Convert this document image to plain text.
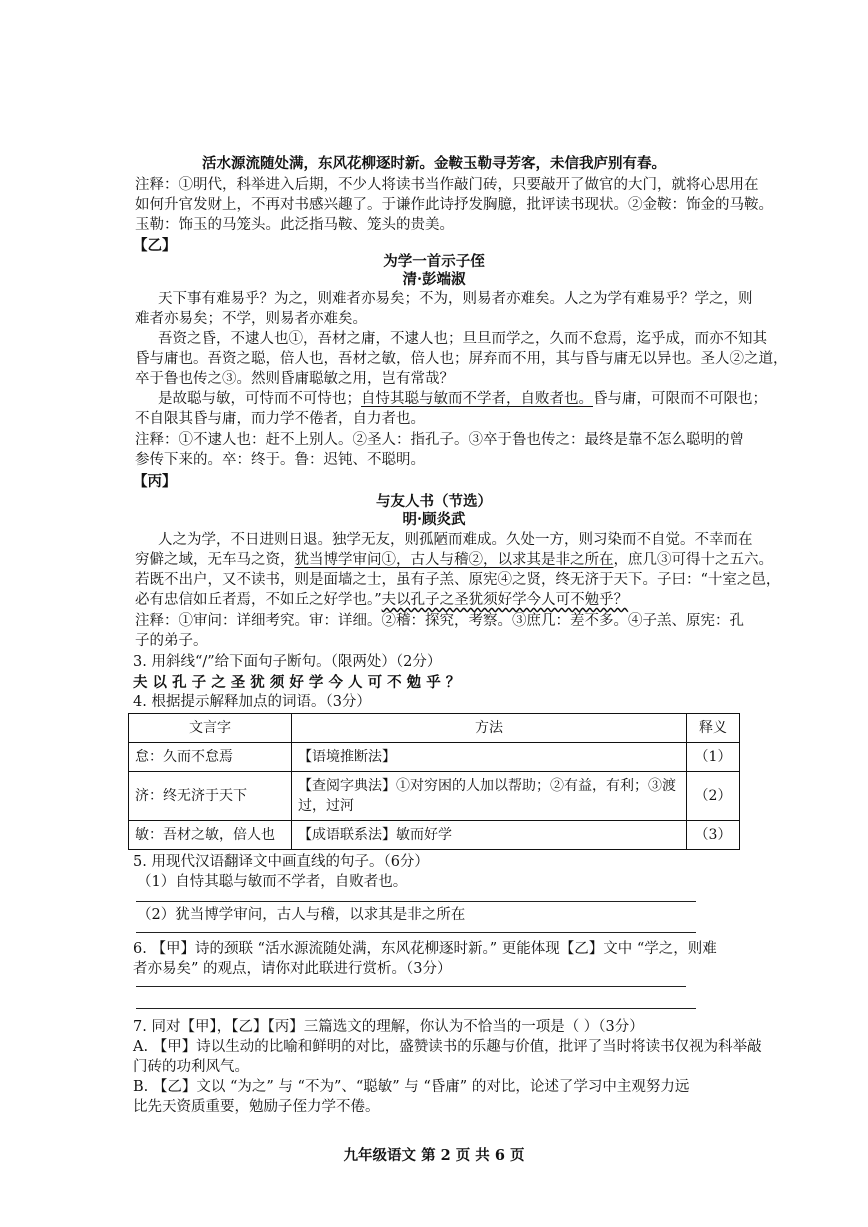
活水源流随处满，东风花柳逐时新。金鞍玉勒寻芳客，未信我庐别有春。
注释：①明代，科举进入后期，不少人将读书当作敲门砖，只要敲开了做官的大门，就将心思用在
如何升官发财上，不再对书感兴趣了。于谦作此诗抒发胸臆，批评读书现状。②金鞍：饰金的马鞍。
玉勒：饰玉的马笼头。此泛指马鞍、笼头的贵美。
【乙】
为学一首示子侄
清·彭端淑
天下事有难易乎？为之，则难者亦易矣；不为，则易者亦难矣。人之为学有难易乎？学之，则
难者亦易矣；不学，则易者亦难矣。
吾资之昏，不逮人也①，吾材之庸，不逮人也；旦旦而学之，久而不怠焉，迄乎成，而亦不知其
昏与庸也。吾资之聪，倍人也，吾材之敏，倍人也；屏弃而不用，其与昏与庸无以异也。圣人②之道，
卒于鲁也传之③。然则昏庸聪敏之用，岂有常哉？
是故聪与敏，可恃而不可恃也；自恃其聪与敏而不学者，自败者也。昏与庸，可限而不可限也；
不自限其昏与庸，而力学不倦者，自力者也。
注释：①不逮人也：赶不上别人。②圣人：指孔子。③卒于鲁也传之：最终是靠不怎么聪明的曾
参传下来的。卒：终于。鲁：迟钝、不聪明。
【丙】
与友人书（节选）
明·顾炎武
人之为学，不日进则日退。独学无友，则孤陋而难成。久处一方，则习染而不自觉。不幸而在
穷僻之域，无车马之资，犹当博学审问①，古人与稽②，以求其是非之所在，庶几③可得十之五六。
若既不出户，又不读书，则是面墙之士，虽有子羔、原宪④之贤，终无济于天下。子曰：“十室之邑，
必有忠信如丘者焉，不如丘之好学也。”夫以孔子之圣犹须好学今人可不勉乎？
注释：①审问：详细考究。审：详细。②稽：探究，考察。③庶几：差不多。④子羔、原宪：孔
子的弟子。
3. 用斜线“/”给下面句子断句。（限两处）（2分）
夫 以 孔 子 之 圣 犹 须 好 学 今 人 可 不 勉 乎 ？
4. 根据提示解释加点的词语。（3分）
文言字	方法	释义
怠：久而不怠焉	【语境推断法】	（1）
济：终无济于天下	【查阅字典法】①对穷困的人加以帮助；②有益，有利；③渡过，过河	（2）
敏：吾材之敏，倍人也	【成语联系法】敏而好学	（3）
5. 用现代汉语翻译文中画直线的句子。（6分）
（1）自恃其聪与敏而不学者，自败者也。
（2）犹当博学审问，古人与稽，以求其是非之所在
6. 【甲】诗的颈联 “活水源流随处满，东风花柳逐时新。” 更能体现【乙】文中 “学之，则难
者亦易矣” 的观点，请你对此联进行赏析。（3分）
7. 同对【甲】，【乙】【丙】三篇选文的理解，你认为不恰当的一项是（ ）（3分）
A. 【甲】诗以生动的比喻和鲜明的对比，盛赞读书的乐趣与价值，批评了当时将读书仅视为科举敲
门砖的功利风气。
B. 【乙】文以 “为之” 与 “不为”、“聪敏” 与 “昏庸” 的对比，论述了学习中主观努力远
比先天资质重要，勉励子侄力学不倦。
九年级语文 第 2 页 共 6 页
